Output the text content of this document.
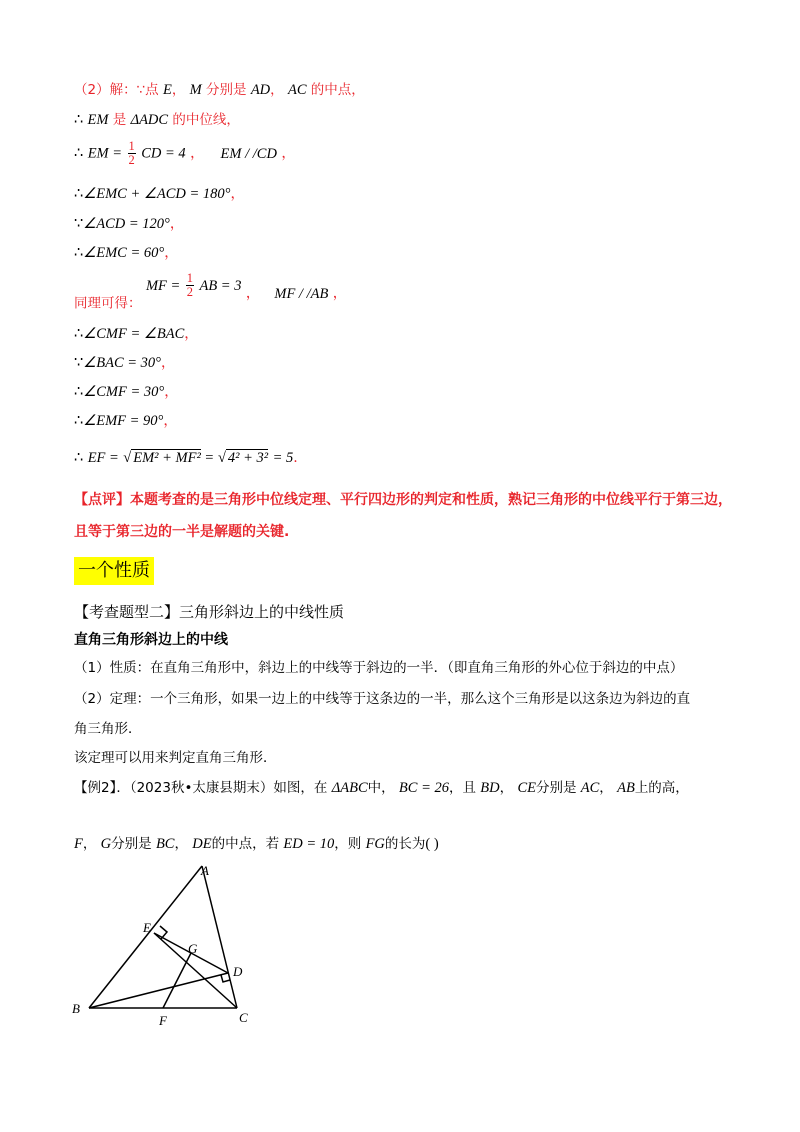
（2）解：∵点 E， M 分别是 AD， AC 的中点，
∴ EM 是 ΔADC 的中位线，
∴ EM = $\frac{1}{2}$ CD = 4 ， EM / /CD ，
∴∠EMC + ∠ACD = 180°，
∵∠ACD = 120°，
∴∠EMC = 60°，
同理可得： MF = $\frac{1}{2}$ AB = 3 ， MF / /AB ，
∴∠CMF = ∠BAC，
∵∠BAC = 30°，
∴∠CMF = 30°，
∴∠EMF = 90°，
∴ EF = √ EM² + MF² = √ 4² + 3² = 5.
【点评】本题考查的是三角形中位线定理、平行四边形的判定和性质，熟记三角形的中位线平行于第三边，
且等于第三边的一半是解题的关键.
一个性质
【考查题型二】三角形斜边上的中线性质
直角三角形斜边上的中线
（1）性质：在直角三角形中，斜边上的中线等于斜边的一半．（即直角三角形的外心位于斜边的中点）
（2）定理：一个三角形，如果一边上的中线等于这条边的一半，那么这个三角形是以这条边为斜边的直
角三角形．
该定理可以用来判定直角三角形．
【例2】．（2023秋•太康县期末）如图，在 ΔABC中， BC = 26，且 BD， CE分别是 AC， AB上的高，
F， G分别是 BC， DE的中点，若 ED = 10，则 FG的长为( )
A
B
C
D
E
F
G
